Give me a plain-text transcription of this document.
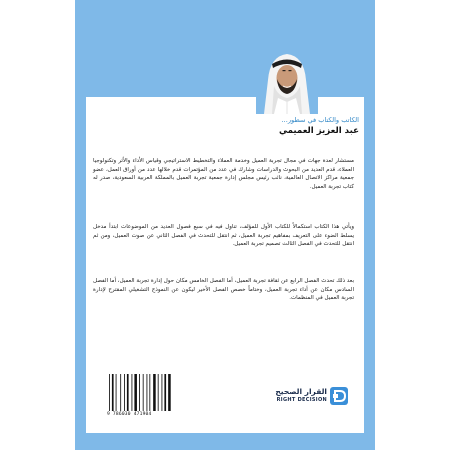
الكاتب والكتاب في سطور...
عبد العزيز العميمي

مستشار لعدة جهات في مجال تجربة العميل وخدمة العملاء والتخطيط الاستراتيجي وقياس الأداء والأثر وتكنولوجيا العملاء، قدم العديد من البحوث والدراسات وشارك في عدد من المؤتمرات قدم خلالها عدد من أوراق العمل، عضو جمعية مراكز الاتصال العالمية، نائب رئيس مجلس إدارة جمعية تجربة العميل بالمملكة العربية السعودية، صدر له كتاب تجربة العميل.

ويأتي هذا الكتاب استكمالاً للكتاب الأول للمؤلف، تناول فيه في سبع فصول العديد من الموضوعات ابتدأ مدخل يسلط الضوء على التعريف بمفاهيم تجربة العميل، ثم انتقل للتحدث في الفصل الثاني عن صوت العميل، ومن ثم انتقل للتحدث في الفصل الثالث تصميم تجربة العميل.

بعد ذلك تحدث الفصل الرابع عن ثقافة تجربة العميل، أما الفصل الخامس مكان حول إدارة تجربة العميل، أما الفصل السادس مكان عن أداء تجربة العميل، وختاماً خصص الفصل الأخير ليكون عن النموذج التشغيلي المقترح لإدارة تجربة العميل في المنظمات.

القرار الصحيح
RIGHT DECISION
9 786030 471904
